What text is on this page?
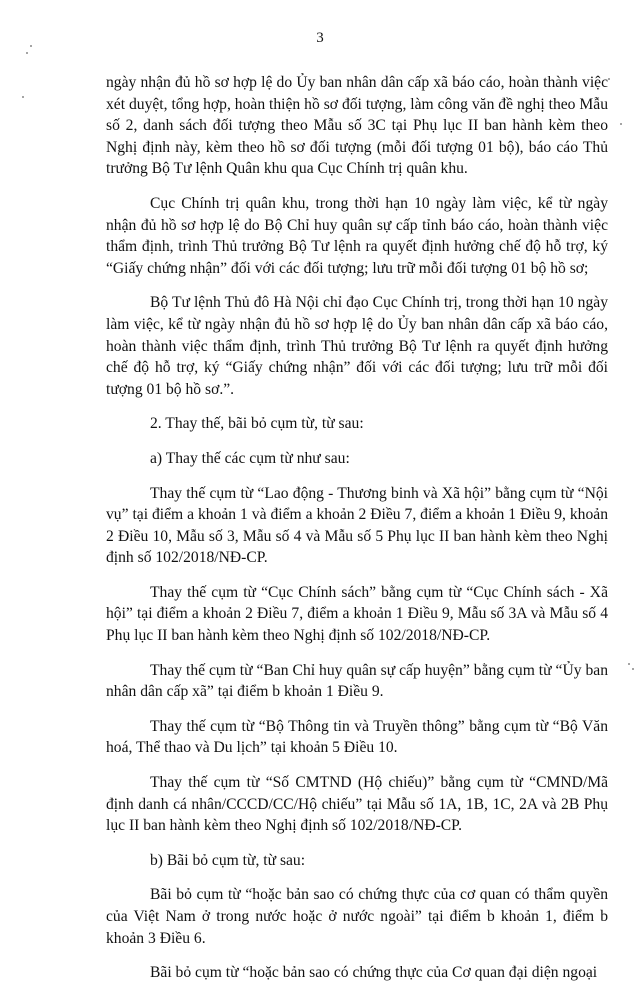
3

ngày nhận đủ hồ sơ hợp lệ do Ủy ban nhân dân cấp xã báo cáo, hoàn thành việc xét duyệt, tổng hợp, hoàn thiện hồ sơ đối tượng, làm công văn đề nghị theo Mẫu số 2, danh sách đối tượng theo Mẫu số 3C tại Phụ lục II ban hành kèm theo Nghị định này, kèm theo hồ sơ đối tượng (mỗi đối tượng 01 bộ), báo cáo Thủ trưởng Bộ Tư lệnh Quân khu qua Cục Chính trị quân khu.

Cục Chính trị quân khu, trong thời hạn 10 ngày làm việc, kể từ ngày nhận đủ hồ sơ hợp lệ do Bộ Chỉ huy quân sự cấp tỉnh báo cáo, hoàn thành việc thẩm định, trình Thủ trưởng Bộ Tư lệnh ra quyết định hưởng chế độ hỗ trợ, ký “Giấy chứng nhận” đối với các đối tượng; lưu trữ mỗi đối tượng 01 bộ hồ sơ;

Bộ Tư lệnh Thủ đô Hà Nội chỉ đạo Cục Chính trị, trong thời hạn 10 ngày làm việc, kể từ ngày nhận đủ hồ sơ hợp lệ do Ủy ban nhân dân cấp xã báo cáo, hoàn thành việc thẩm định, trình Thủ trưởng Bộ Tư lệnh ra quyết định hưởng chế độ hỗ trợ, ký “Giấy chứng nhận” đối với các đối tượng; lưu trữ mỗi đối tượng 01 bộ hồ sơ.”.

2. Thay thế, bãi bỏ cụm từ, từ sau:

a) Thay thế các cụm từ như sau:

Thay thế cụm từ “Lao động - Thương binh và Xã hội” bằng cụm từ “Nội vụ” tại điểm a khoản 1 và điểm a khoản 2 Điều 7, điểm a khoản 1 Điều 9, khoản 2 Điều 10, Mẫu số 3, Mẫu số 4 và Mẫu số 5 Phụ lục II ban hành kèm theo Nghị định số 102/2018/NĐ-CP.

Thay thế cụm từ “Cục Chính sách” bằng cụm từ “Cục Chính sách - Xã hội” tại điểm a khoản 2 Điều 7, điểm a khoản 1 Điều 9, Mẫu số 3A và Mẫu số 4 Phụ lục II ban hành kèm theo Nghị định số 102/2018/NĐ-CP.

Thay thế cụm từ “Ban Chỉ huy quân sự cấp huyện” bằng cụm từ “Ủy ban nhân dân cấp xã” tại điểm b khoản 1 Điều 9.

Thay thế cụm từ “Bộ Thông tin và Truyền thông” bằng cụm từ “Bộ Văn hoá, Thể thao và Du lịch” tại khoản 5 Điều 10.

Thay thế cụm từ “Số CMTND (Hộ chiếu)” bằng cụm từ “CMND/Mã định danh cá nhân/CCCD/CC/Hộ chiếu” tại Mẫu số 1A, 1B, 1C, 2A và 2B Phụ lục II ban hành kèm theo Nghị định số 102/2018/NĐ-CP.

b) Bãi bỏ cụm từ, từ sau:

Bãi bỏ cụm từ “hoặc bản sao có chứng thực của cơ quan có thẩm quyền của Việt Nam ở trong nước hoặc ở nước ngoài” tại điểm b khoản 1, điểm b khoản 3 Điều 6.

Bãi bỏ cụm từ “hoặc bản sao có chứng thực của Cơ quan đại diện ngoại
